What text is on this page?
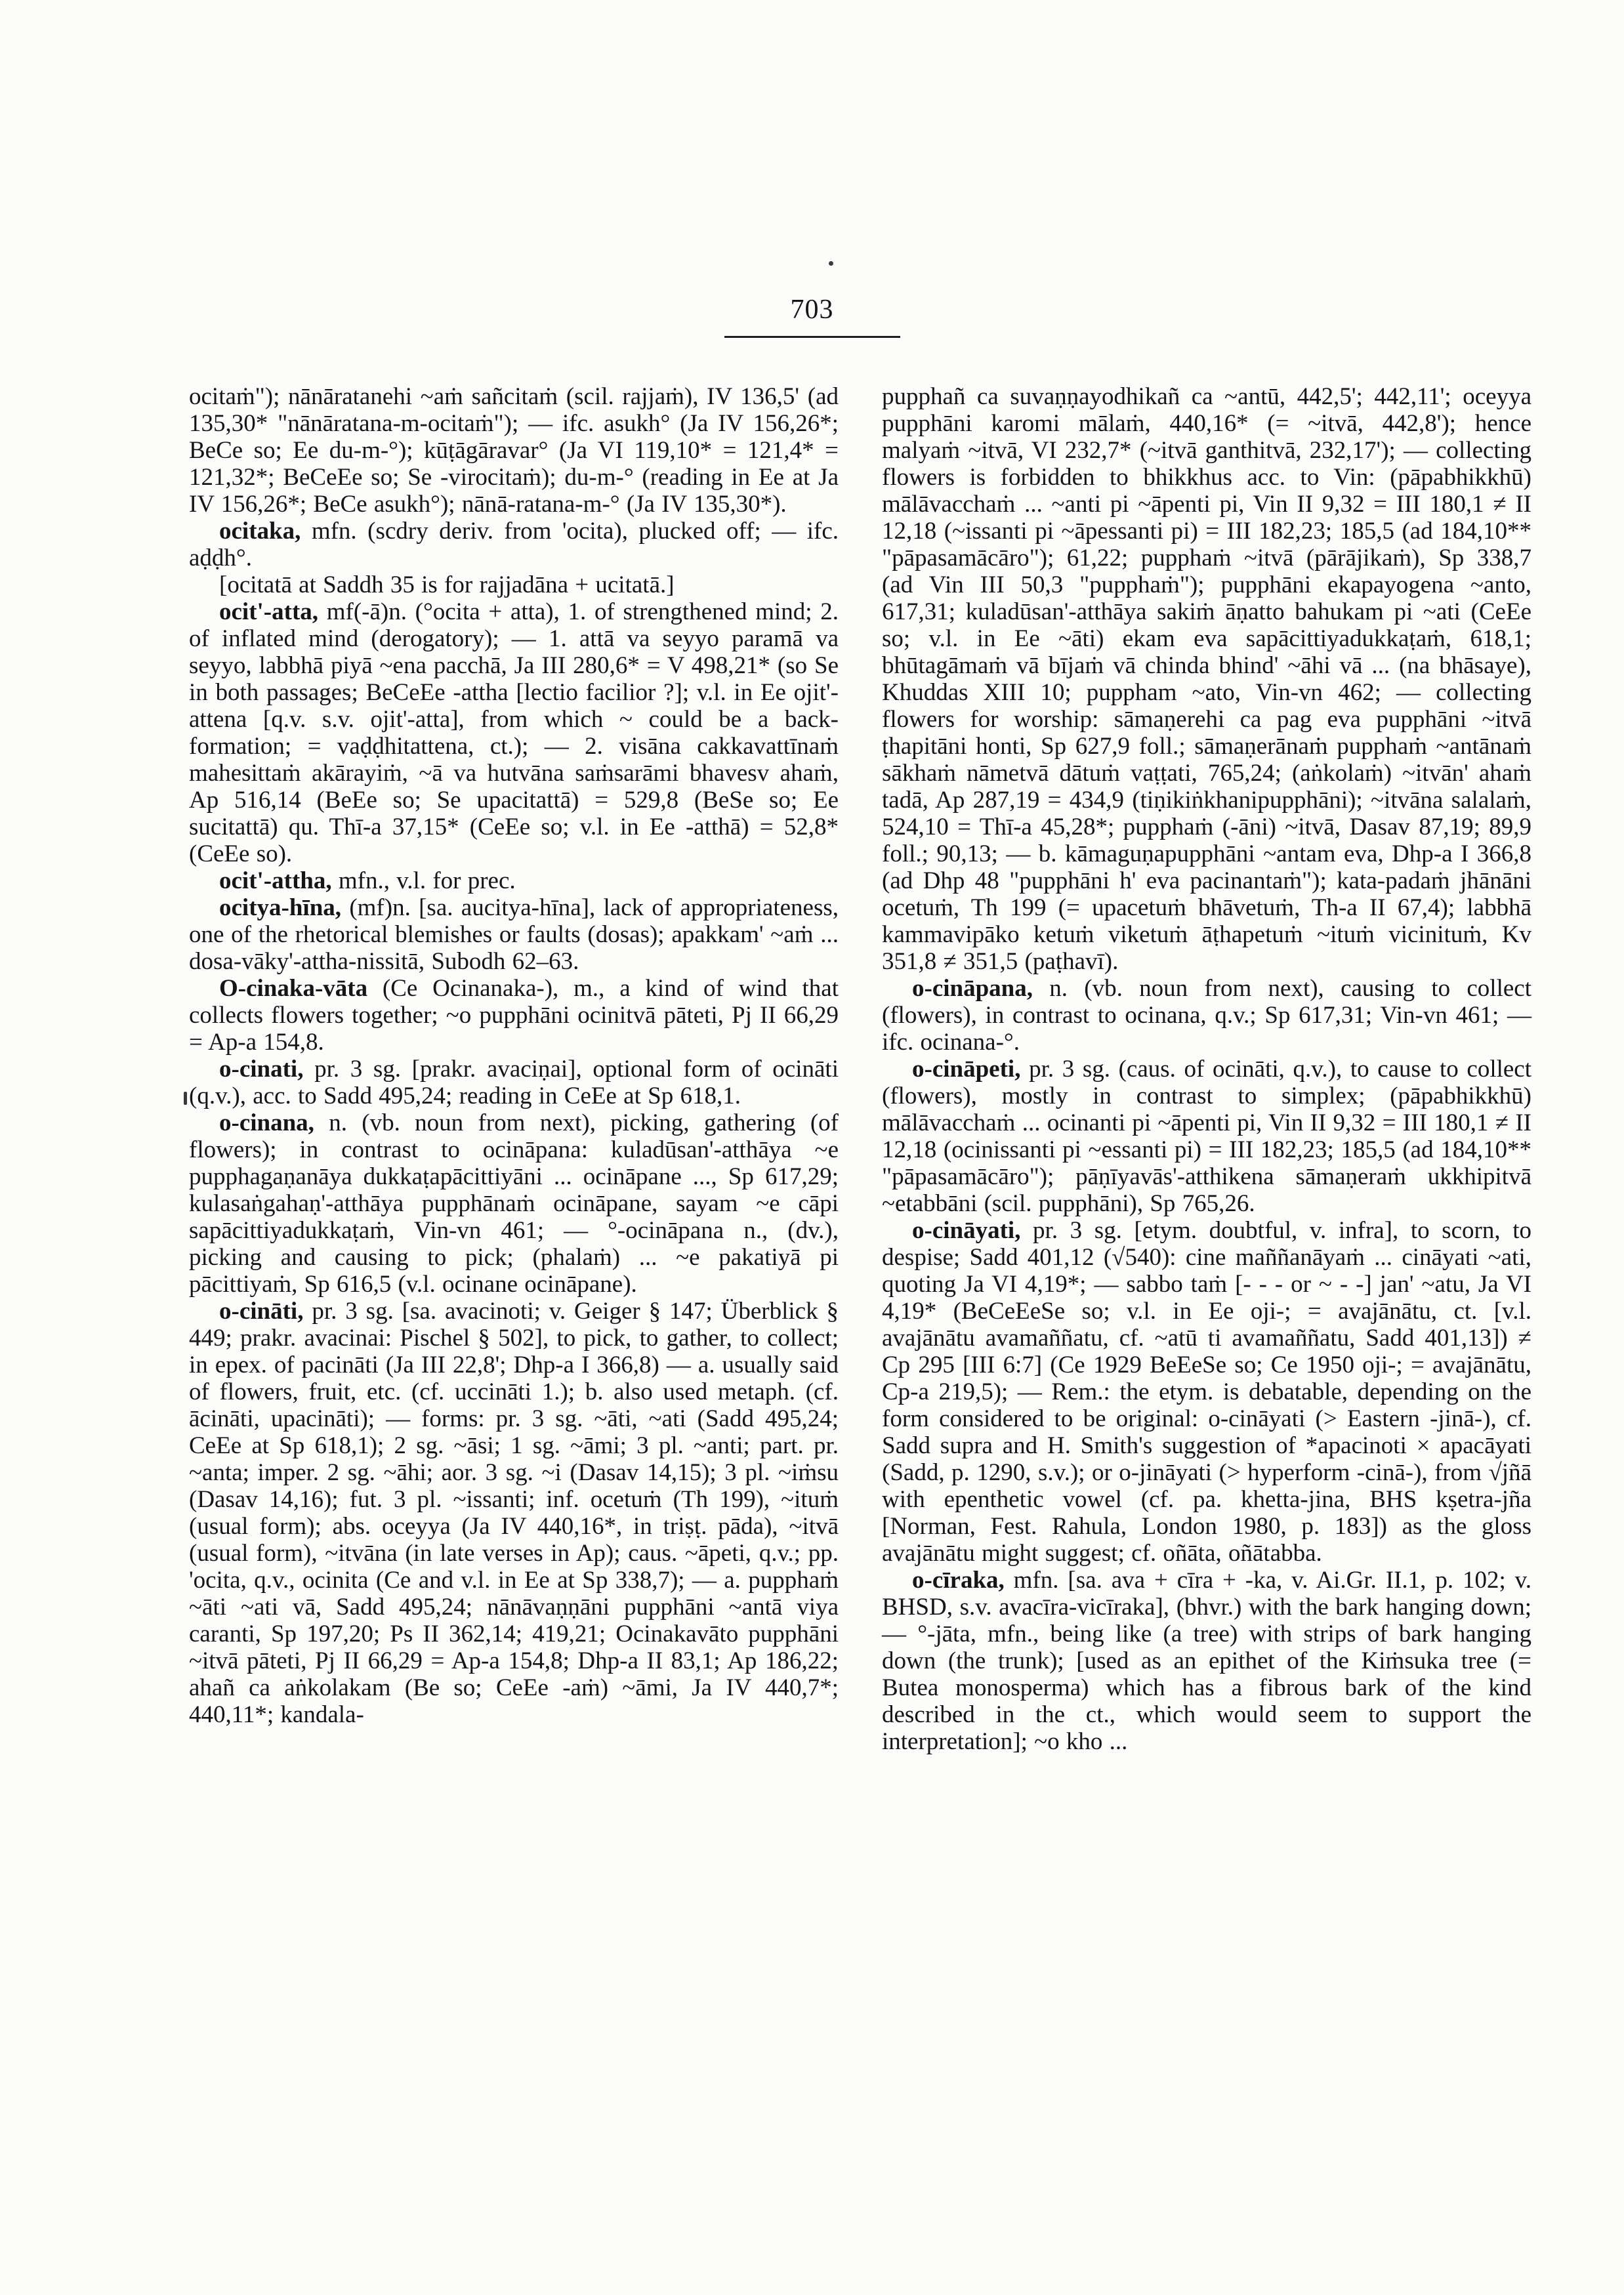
703

ocitaṁ"); nānāratanehi ~aṁ sañcitaṁ (scil. rajjaṁ), IV 136,5' (ad 135,30* "nānāratana-m-ocitaṁ"); — ifc. asukh° (Ja IV 156,26*; BeCe so; Ee du-m-°); kūṭāgāravar° (Ja VI 119,10* = 121,4* = 121,32*; BeCeEe so; Se -virocitaṁ); du-m-° (reading in Ee at Ja IV 156,26*; BeCe asukh°); nānā-ratana-m-° (Ja IV 135,30*).

ocitaka, mfn. (scdry deriv. from 'ocita), plucked off; — ifc. aḍḍh°.

[ocitatā at Saddh 35 is for rajjadāna + ucitatā.]

ocit'-atta, mf(-ā)n. (°ocita + atta), 1. of strengthened mind; 2. of inflated mind (derogatory); — 1. attā va seyyo paramā va seyyo, labbhā piyā ~ena pacchā, Ja III 280,6* = V 498,21* (so Se in both passages; BeCeEe -attha [lectio facilior ?]; v.l. in Ee ojit'-attena [q.v. s.v. ojit'-atta], from which ~ could be a back-formation; = vaḍḍhitattena, ct.); — 2. visāna cakkavattīnaṁ mahesittaṁ akārayiṁ, ~ā va hutvāna saṁsarāmi bhavesv ahaṁ, Ap 516,14 (BeEe so; Se upacitattā) = 529,8 (BeSe so; Ee sucitattā) qu. Thī-a 37,15* (CeEe so; v.l. in Ee -atthā) = 52,8* (CeEe so).

ocit'-attha, mfn., v.l. for prec.

ocitya-hīna, (mf)n. [sa. aucitya-hīna], lack of appropriateness, one of the rhetorical blemishes or faults (dosas); apakkam' ~aṁ ... dosa-vāky'-attha-nissitā, Subodh 62–63.

O-cinaka-vāta (Ce Ocinanaka-), m., a kind of wind that collects flowers together; ~o pupphāni ocinitvā pāteti, Pj II 66,29 = Ap-a 154,8.

o-cinati, pr. 3 sg. [prakr. avaciṇai], optional form of ocināti (q.v.), acc. to Sadd 495,24; reading in CeEe at Sp 618,1.

o-cinana, n. (vb. noun from next), picking, gathering (of flowers); in contrast to ocināpana: kuladūsan'-atthāya ~e pupphagaṇanāya dukkaṭapācittiyāni ... ocināpane ..., Sp 617,29; kulasaṅgahaṇ'-atthāya pupphānaṁ ocināpane, sayam ~e cāpi sapācittiyadukkaṭaṁ, Vin-vn 461; — °-ocināpana n., (dv.), picking and causing to pick; (phalaṁ) ... ~e pakatiyā pi pācittiyaṁ, Sp 616,5 (v.l. ocinane ocināpane).

o-cināti, pr. 3 sg. [sa. avacinoti; v. Geiger § 147; Überblick § 449; prakr. avacinai: Pischel § 502], to pick, to gather, to collect; in epex. of pacināti (Ja III 22,8'; Dhp-a I 366,8) — a. usually said of flowers, fruit, etc. (cf. uccināti 1.); b. also used metaph. (cf. ācināti, upacināti); — forms: pr. 3 sg. ~āti, ~ati (Sadd 495,24; CeEe at Sp 618,1); 2 sg. ~āsi; 1 sg. ~āmi; 3 pl. ~anti; part. pr. ~anta; imper. 2 sg. ~āhi; aor. 3 sg. ~i (Dasav 14,15); 3 pl. ~iṁsu (Dasav 14,16); fut. 3 pl. ~issanti; inf. ocetuṁ (Th 199), ~ituṁ (usual form); abs. oceyya (Ja IV 440,16*, in triṣṭ. pāda), ~itvā (usual form), ~itvāna (in late verses in Ap); caus. ~āpeti, q.v.; pp. 'ocita, q.v., ocinita (Ce and v.l. in Ee at Sp 338,7); — a. pupphaṁ ~āti ~ati vā, Sadd 495,24; nānāvaṇṇāni pupphāni ~antā viya caranti, Sp 197,20; Ps II 362,14; 419,21; Ocinakavāto pupphāni ~itvā pāteti, Pj II 66,29 = Ap-a 154,8; Dhp-a II 83,1; Ap 186,22; ahañ ca aṅkolakam (Be so; CeEe -aṁ) ~āmi, Ja IV 440,7*; 440,11*; kandala-

pupphañ ca suvaṇṇayodhikañ ca ~antū, 442,5'; 442,11'; oceyya pupphāni karomi mālaṁ, 440,16* (= ~itvā, 442,8'); hence malyaṁ ~itvā, VI 232,7* (~itvā ganthitvā, 232,17'); — collecting flowers is forbidden to bhikkhus acc. to Vin: (pāpabhikkhū) mālāvacchaṁ ... ~anti pi ~āpenti pi, Vin II 9,32 = III 180,1 ≠ II 12,18 (~issanti pi ~āpessanti pi) = III 182,23; 185,5 (ad 184,10** "pāpasamācāro"); 61,22; pupphaṁ ~itvā (pārājikaṁ), Sp 338,7 (ad Vin III 50,3 "pupphaṁ"); pupphāni ekapayogena ~anto, 617,31; kuladūsan'-atthāya sakiṁ āṇatto bahukam pi ~ati (CeEe so; v.l. in Ee ~āti) ekam eva sapācittiyadukkaṭaṁ, 618,1; bhūtagāmaṁ vā bījaṁ vā chinda bhind' ~āhi vā ... (na bhāsaye), Khuddas XIII 10; puppham ~ato, Vin-vn 462; — collecting flowers for worship: sāmaṇerehi ca pag eva pupphāni ~itvā ṭhapitāni honti, Sp 627,9 foll.; sāmaṇerānaṁ pupphaṁ ~antānaṁ sākhaṁ nāmetvā dātuṁ vaṭṭati, 765,24; (aṅkolaṁ) ~itvān' ahaṁ tadā, Ap 287,19 = 434,9 (tiṇikiṅkhanipupphāni); ~itvāna salalaṁ, 524,10 = Thī-a 45,28*; pupphaṁ (-āni) ~itvā, Dasav 87,19; 89,9 foll.; 90,13; — b. kāmaguṇapupphāni ~antam eva, Dhp-a I 366,8 (ad Dhp 48 "pupphāni h' eva pacinantaṁ"); kata-padaṁ jhānāni ocetuṁ, Th 199 (= upacetuṁ bhāvetuṁ, Th-a II 67,4); labbhā kammavipāko ketuṁ viketuṁ āṭhapetuṁ ~ituṁ vicinituṁ, Kv 351,8 ≠ 351,5 (paṭhavī).

o-cināpana, n. (vb. noun from next), causing to collect (flowers), in contrast to ocinana, q.v.; Sp 617,31; Vin-vn 461; — ifc. ocinana-°.

o-cināpeti, pr. 3 sg. (caus. of ocināti, q.v.), to cause to collect (flowers), mostly in contrast to simplex; (pāpabhikkhū) mālāvacchaṁ ... ocinanti pi ~āpenti pi, Vin II 9,32 = III 180,1 ≠ II 12,18 (ocinissanti pi ~essanti pi) = III 182,23; 185,5 (ad 184,10** "pāpasamācāro"); pāṇīyavās'-atthikena sāmaṇeraṁ ukkhipitvā ~etabbāni (scil. pupphāni), Sp 765,26.

o-cināyati, pr. 3 sg. [etym. doubtful, v. infra], to scorn, to despise; Sadd 401,12 (√540): cine maññanāyaṁ ... cināyati ~ati, quoting Ja VI 4,19*; — sabbo taṁ [- - - or ~ - -] jan' ~atu, Ja VI 4,19* (BeCeEeSe so; v.l. in Ee oji-; = avajānātu, ct. [v.l. avajānātu avamaññatu, cf. ~atū ti avamaññatu, Sadd 401,13]) ≠ Cp 295 [III 6:7] (Ce 1929 BeEeSe so; Ce 1950 oji-; = avajānātu, Cp-a 219,5); — Rem.: the etym. is debatable, depending on the form considered to be original: o-cināyati (> Eastern -jinā-), cf. Sadd supra and H. Smith's suggestion of *apacinoti × apacāyati (Sadd, p. 1290, s.v.); or o-jināyati (> hyperform -cinā-), from √jñā with epenthetic vowel (cf. pa. khetta-jina, BHS kṣetra-jña [Norman, Fest. Rahula, London 1980, p. 183]) as the gloss avajānātu might suggest; cf. oñāta, oñātabba.

o-cīraka, mfn. [sa. ava + cīra + -ka, v. Ai.Gr. II.1, p. 102; v. BHSD, s.v. avacīra-vicīraka], (bhvr.) with the bark hanging down; — °-jāta, mfn., being like (a tree) with strips of bark hanging down (the trunk); [used as an epithet of the Kiṁsuka tree (= Butea monosperma) which has a fibrous bark of the kind described in the ct., which would seem to support the interpretation]; ~o kho ...
